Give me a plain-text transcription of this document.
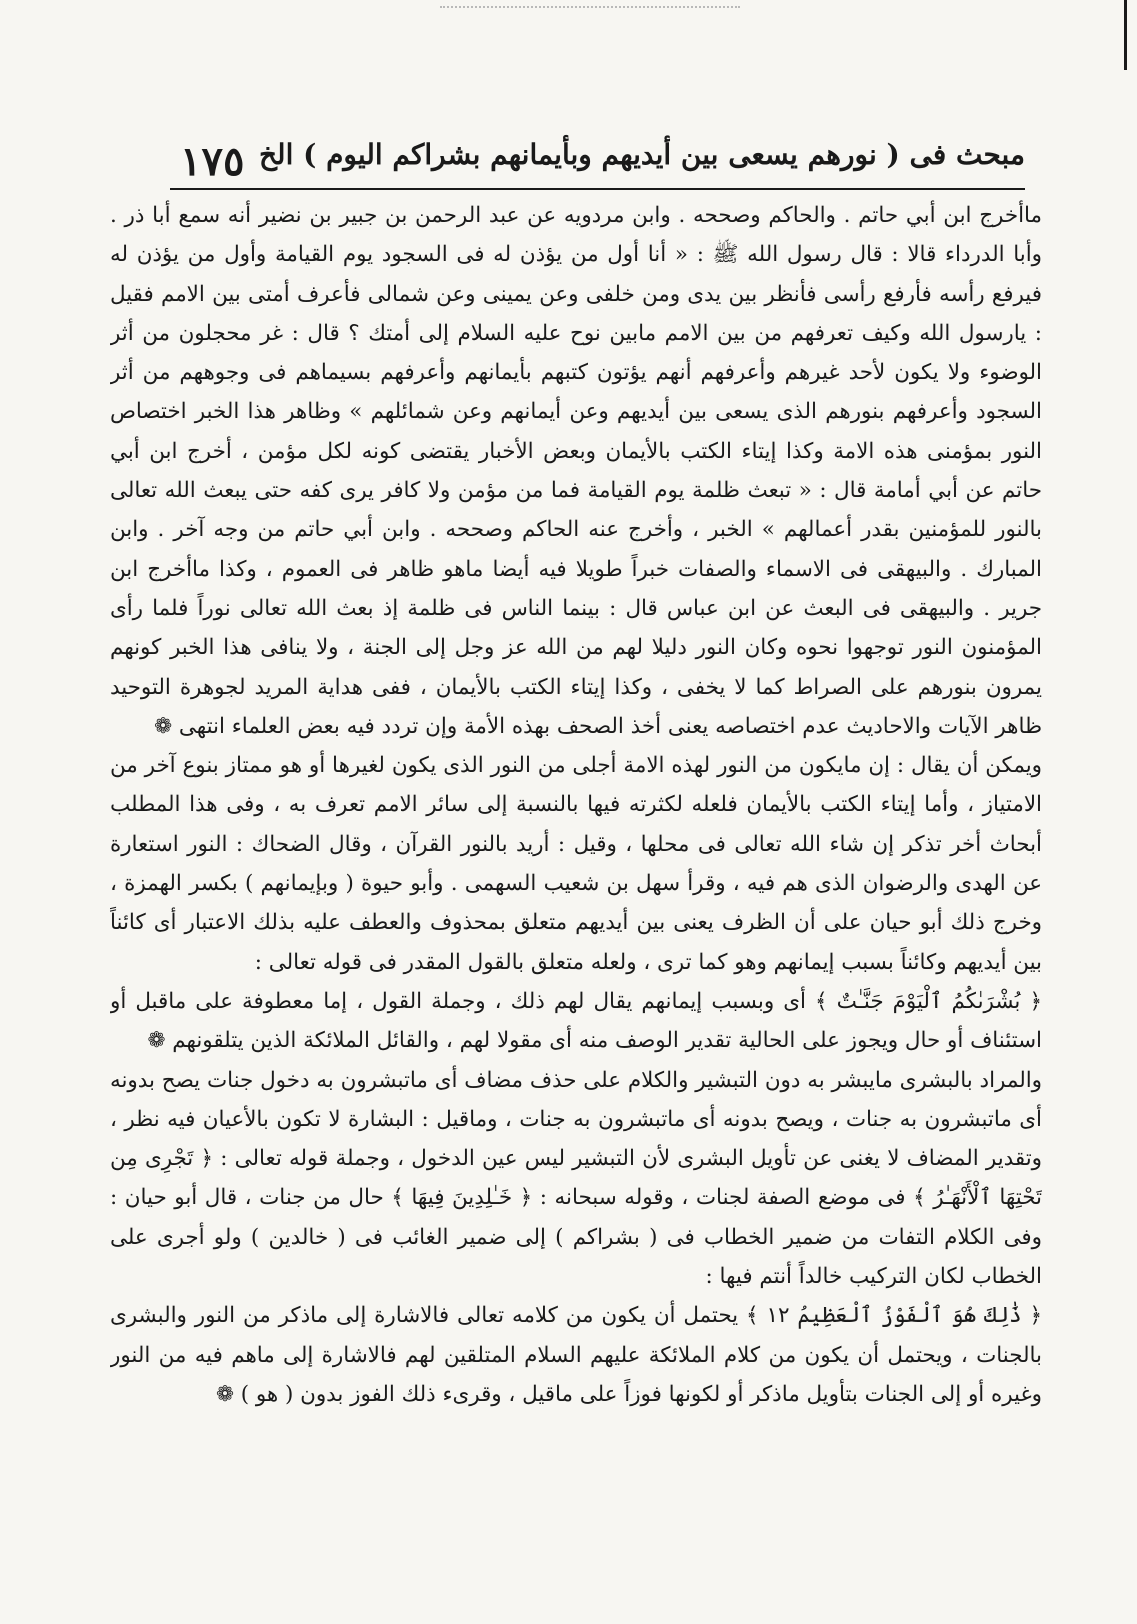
مبحث فى ( نورهم يسعى بين أيديهم وبأيمانهم بشراكم اليوم ) الخ
١٧٥

ماأخرج ابن أبي حاتم . والحاكم وصححه . وابن مردويه عن عبد الرحمن بن جبير بن نضير أنه سمع أبا ذر . وأبا الدرداء قالا : قال رسول الله ﷺ : « أنا أول من يؤذن له فى السجود يوم القيامة وأول من يؤذن له فيرفع رأسه فأرفع رأسى فأنظر بين يدى ومن خلفى وعن يمينى وعن شمالى فأعرف أمتى بين الامم فقيل : يارسول الله وكيف تعرفهم من بين الامم مابين نوح عليه السلام إلى أمتك ؟ قال : غر محجلون من أثر الوضوء ولا يكون لأحد غيرهم وأعرفهم أنهم يؤتون كتبهم بأيمانهم وأعرفهم بسيماهم فى وجوههم من أثر السجود وأعرفهم بنورهم الذى يسعى بين أيديهم وعن أيمانهم وعن شمائلهم » وظاهر هذا الخبر اختصاص النور بمؤمنى هذه الامة وكذا إيتاء الكتب بالأيمان وبعض الأخبار يقتضى كونه لكل مؤمن ، أخرج ابن أبي حاتم عن أبي أمامة قال : « تبعث ظلمة يوم القيامة فما من مؤمن ولا كافر يرى كفه حتى يبعث الله تعالى بالنور للمؤمنين بقدر أعمالهم » الخبر ، وأخرج عنه الحاكم وصححه . وابن أبي حاتم من وجه آخر . وابن المبارك . والبيهقى فى الاسماء والصفات خبراً طويلا فيه أيضا ماهو ظاهر فى العموم ، وكذا ماأخرج ابن جرير . والبيهقى فى البعث عن ابن عباس قال : بينما الناس فى ظلمة إذ بعث الله تعالى نوراً فلما رأى المؤمنون النور توجهوا نحوه وكان النور دليلا لهم من الله عز وجل إلى الجنة ، ولا ينافى هذا الخبر كونهم يمرون بنورهم على الصراط كما لا يخفى ، وكذا إيتاء الكتب بالأيمان ، ففى هداية المريد لجوهرة التوحيد ظاهر الآيات والاحاديث عدم اختصاصه يعنى أخذ الصحف بهذه الأمة وإن تردد فيه بعض العلماء انتهى ❁

ويمكن أن يقال : إن مايكون من النور لهذه الامة أجلى من النور الذى يكون لغيرها أو هو ممتاز بنوع آخر من الامتياز ، وأما إيتاء الكتب بالأيمان فلعله لكثرته فيها بالنسبة إلى سائر الامم تعرف به ، وفى هذا المطلب أبحاث أخر تذكر إن شاء الله تعالى فى محلها ، وقيل : أريد بالنور القرآن ، وقال الضحاك : النور استعارة عن الهدى والرضوان الذى هم فيه ، وقرأ سهل بن شعيب السهمى . وأبو حيوة ( وبإيمانهم ) بكسر الهمزة ، وخرج ذلك أبو حيان على أن الظرف يعنى بين أيديهم متعلق بمحذوف والعطف عليه بذلك الاعتبار أى كائناً بين أيديهم وكائناً بسبب إيمانهم وهو كما ترى ، ولعله متعلق بالقول المقدر فى قوله تعالى :

﴿ بُشْرَىٰكُمُ ٱلْيَوْمَ جَنَّـٰتٌ ﴾ أى وبسبب إيمانهم يقال لهم ذلك ، وجملة القول ، إما معطوفة على ماقبل أو استئناف أو حال ويجوز على الحالية تقدير الوصف منه أى مقولا لهم ، والقائل الملائكة الذين يتلقونهم ❁

والمراد بالبشرى مايبشر به دون التبشير والكلام على حذف مضاف أى ماتبشرون به دخول جنات يصح بدونه أى ماتبشرون به جنات ، ويصح بدونه أى ماتبشرون به جنات ، وماقيل : البشارة لا تكون بالأعيان فيه نظر ، وتقدير المضاف لا يغنى عن تأويل البشرى لأن التبشير ليس عين الدخول ، وجملة قوله تعالى : ﴿ تَجْرِى مِن تَحْتِهَا ٱلْأَنْهَـٰرُ ﴾ فى موضع الصفة لجنات ، وقوله سبحانه : ﴿ خَـٰلِدِينَ فِيهَا ﴾ حال من جنات ، قال أبو حيان : وفى الكلام التفات من ضمير الخطاب فى ( بشراكم ) إلى ضمير الغائب فى ( خالدين ) ولو أجرى على الخطاب لكان التركيب خالداً أنتم فيها :

﴿ ذَٰلِكَ هُوَ ٱلْفَوْزُ ٱلْعَظِيمُ ١٢ ﴾ يحتمل أن يكون من كلامه تعالى فالاشارة إلى ماذكر من النور والبشرى بالجنات ، ويحتمل أن يكون من كلام الملائكة عليهم السلام المتلقين لهم فالاشارة إلى ماهم فيه من النور وغيره أو إلى الجنات بتأويل ماذكر أو لكونها فوزاً على ماقيل ، وقرىء ذلك الفوز بدون ( هو ) ❁
